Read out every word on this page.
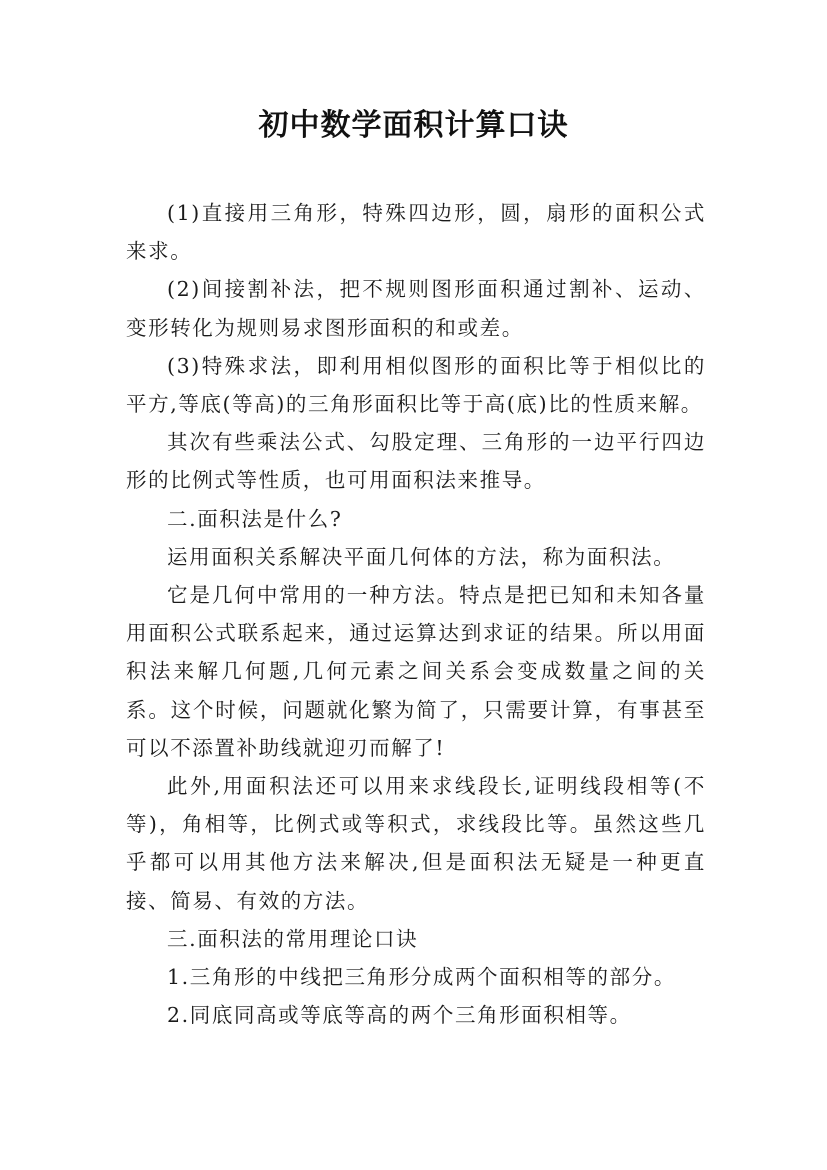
初中数学面积计算口诀

(1)直接用三角形，特殊四边形，圆，扇形的面积公式来求。

(2)间接割补法，把不规则图形面积通过割补、运动、变形转化为规则易求图形面积的和或差。

(3)特殊求法，即利用相似图形的面积比等于相似比的平方,等底(等高)的三角形面积比等于高(底)比的性质来解。

其次有些乘法公式、勾股定理、三角形的一边平行四边形的比例式等性质，也可用面积法来推导。

二.面积法是什么?

运用面积关系解决平面几何体的方法，称为面积法。

它是几何中常用的一种方法。特点是把已知和未知各量用面积公式联系起来，通过运算达到求证的结果。所以用面积法来解几何题,几何元素之间关系会变成数量之间的关系。这个时候，问题就化繁为简了，只需要计算，有事甚至可以不添置补助线就迎刃而解了!

此外,用面积法还可以用来求线段长,证明线段相等(不等)，角相等，比例式或等积式，求线段比等。虽然这些几乎都可以用其他方法来解决,但是面积法无疑是一种更直接、简易、有效的方法。

三.面积法的常用理论口诀

1.三角形的中线把三角形分成两个面积相等的部分。

2.同底同高或等底等高的两个三角形面积相等。
